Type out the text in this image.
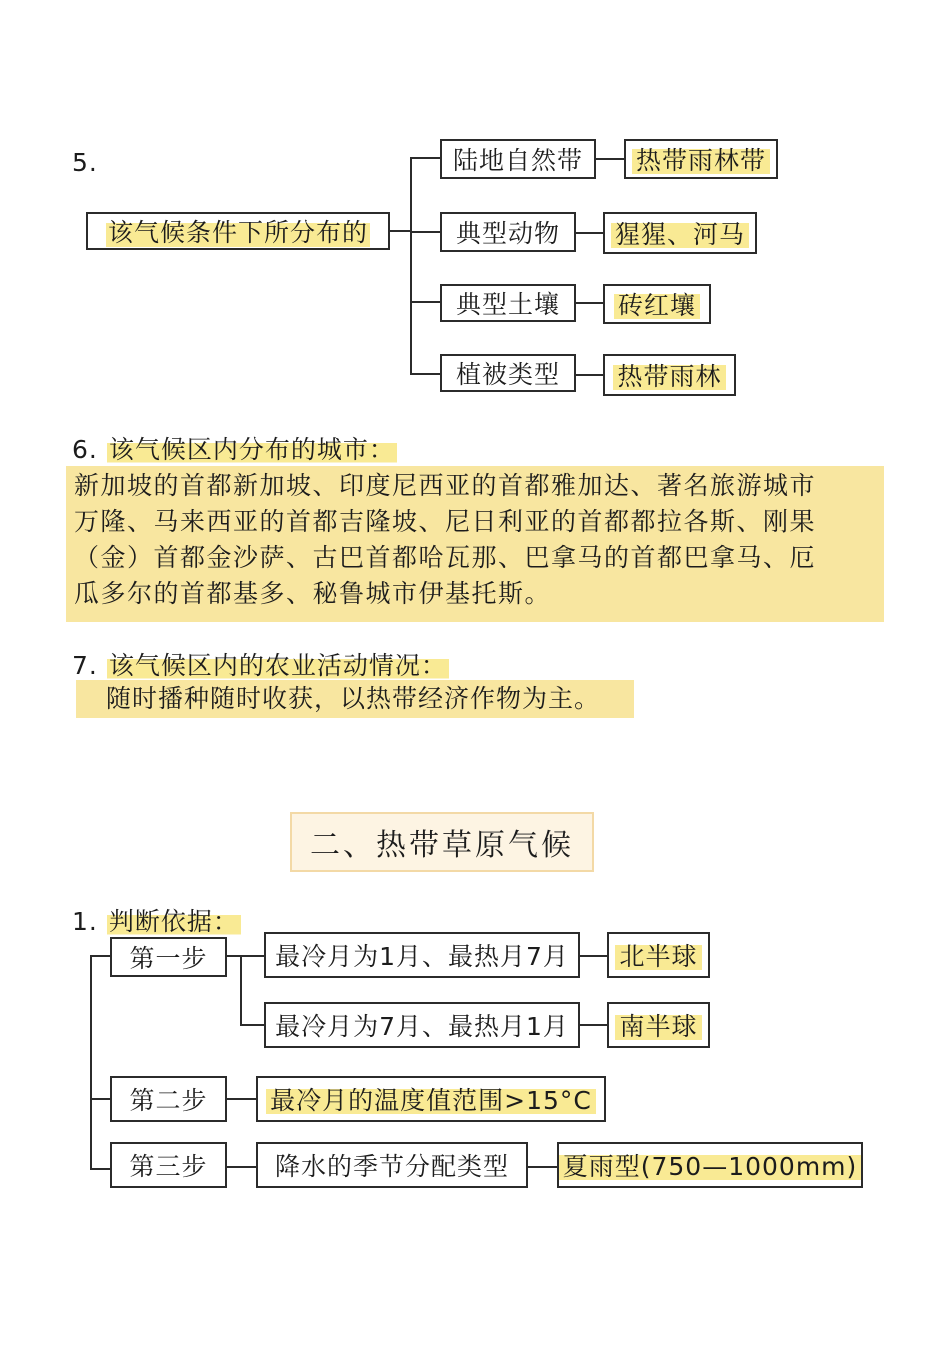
5.
该气候条件下所分布的
陆地自然带 热带雨林带
典型动物 猩猩、河马
典型土壤 砖红壤
植被类型 热带雨林
6. 该气候区内分布的城市：
新加坡的首都新加坡、印度尼西亚的首都雅加达、著名旅游城市
万隆、马来西亚的首都吉隆坡、尼日利亚的首都都拉各斯、刚果
（金）首都金沙萨、古巴首都哈瓦那、巴拿马的首都巴拿马、厄
瓜多尔的首都基多、秘鲁城市伊基托斯。
7. 该气候区内的农业活动情况：
随时播种随时收获，以热带经济作物为主。
二、热带草原气候
1. 判断依据：
第一步	最冷月为1月、最热月7月 北半球
最冷月为7月、最热月1月 南半球
第二步	最冷月的温度值范围>15°C
第三步	降水的季节分配类型 夏雨型(750—1000mm)
